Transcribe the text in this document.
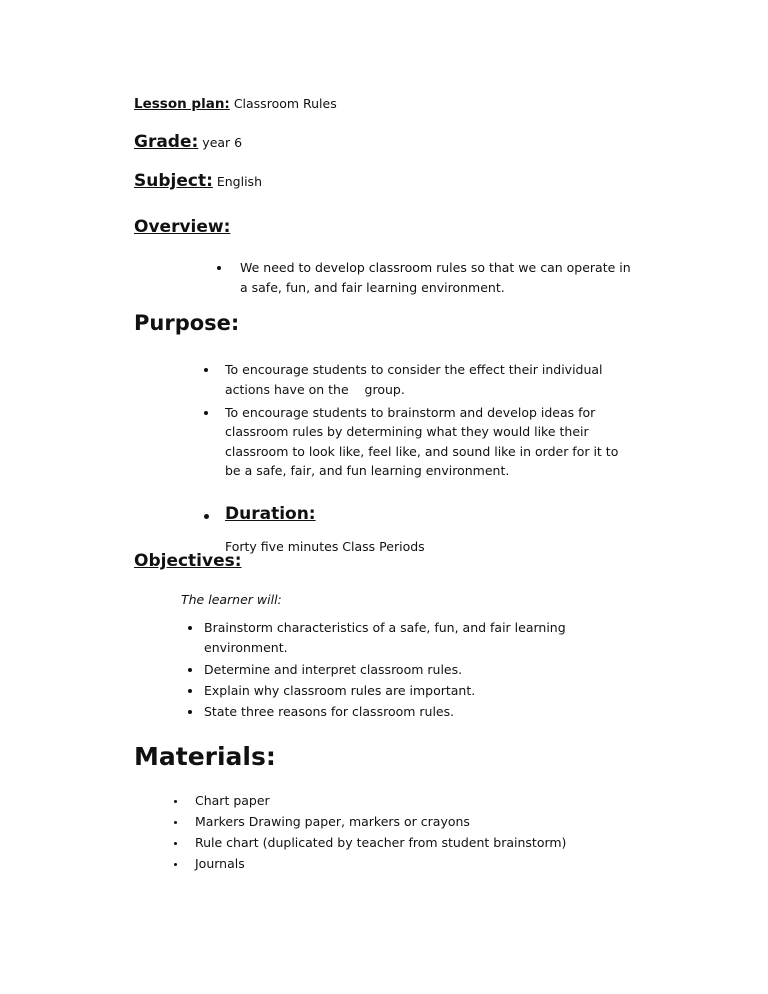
Lesson plan: Classroom Rules
Grade: year 6
Subject: English
Overview:
We need to develop classroom rules so that we can operate in
a safe, fun, and fair learning environment.
Purpose:
To encourage students to consider the effect their individual
actions have on the    group.
To encourage students to brainstorm and develop ideas for
classroom rules by determining what they would like their
classroom to look like, feel like, and sound like in order for it to
be a safe, fair, and fun learning environment.
Duration:
Forty five minutes Class Periods
Objectives:
The learner will:
Brainstorm characteristics of a safe, fun, and fair learning
environment.
Determine and interpret classroom rules.
Explain why classroom rules are important.
State three reasons for classroom rules.
Materials:
Chart paper
Markers Drawing paper, markers or crayons
Rule chart (duplicated by teacher from student brainstorm)
Journals
